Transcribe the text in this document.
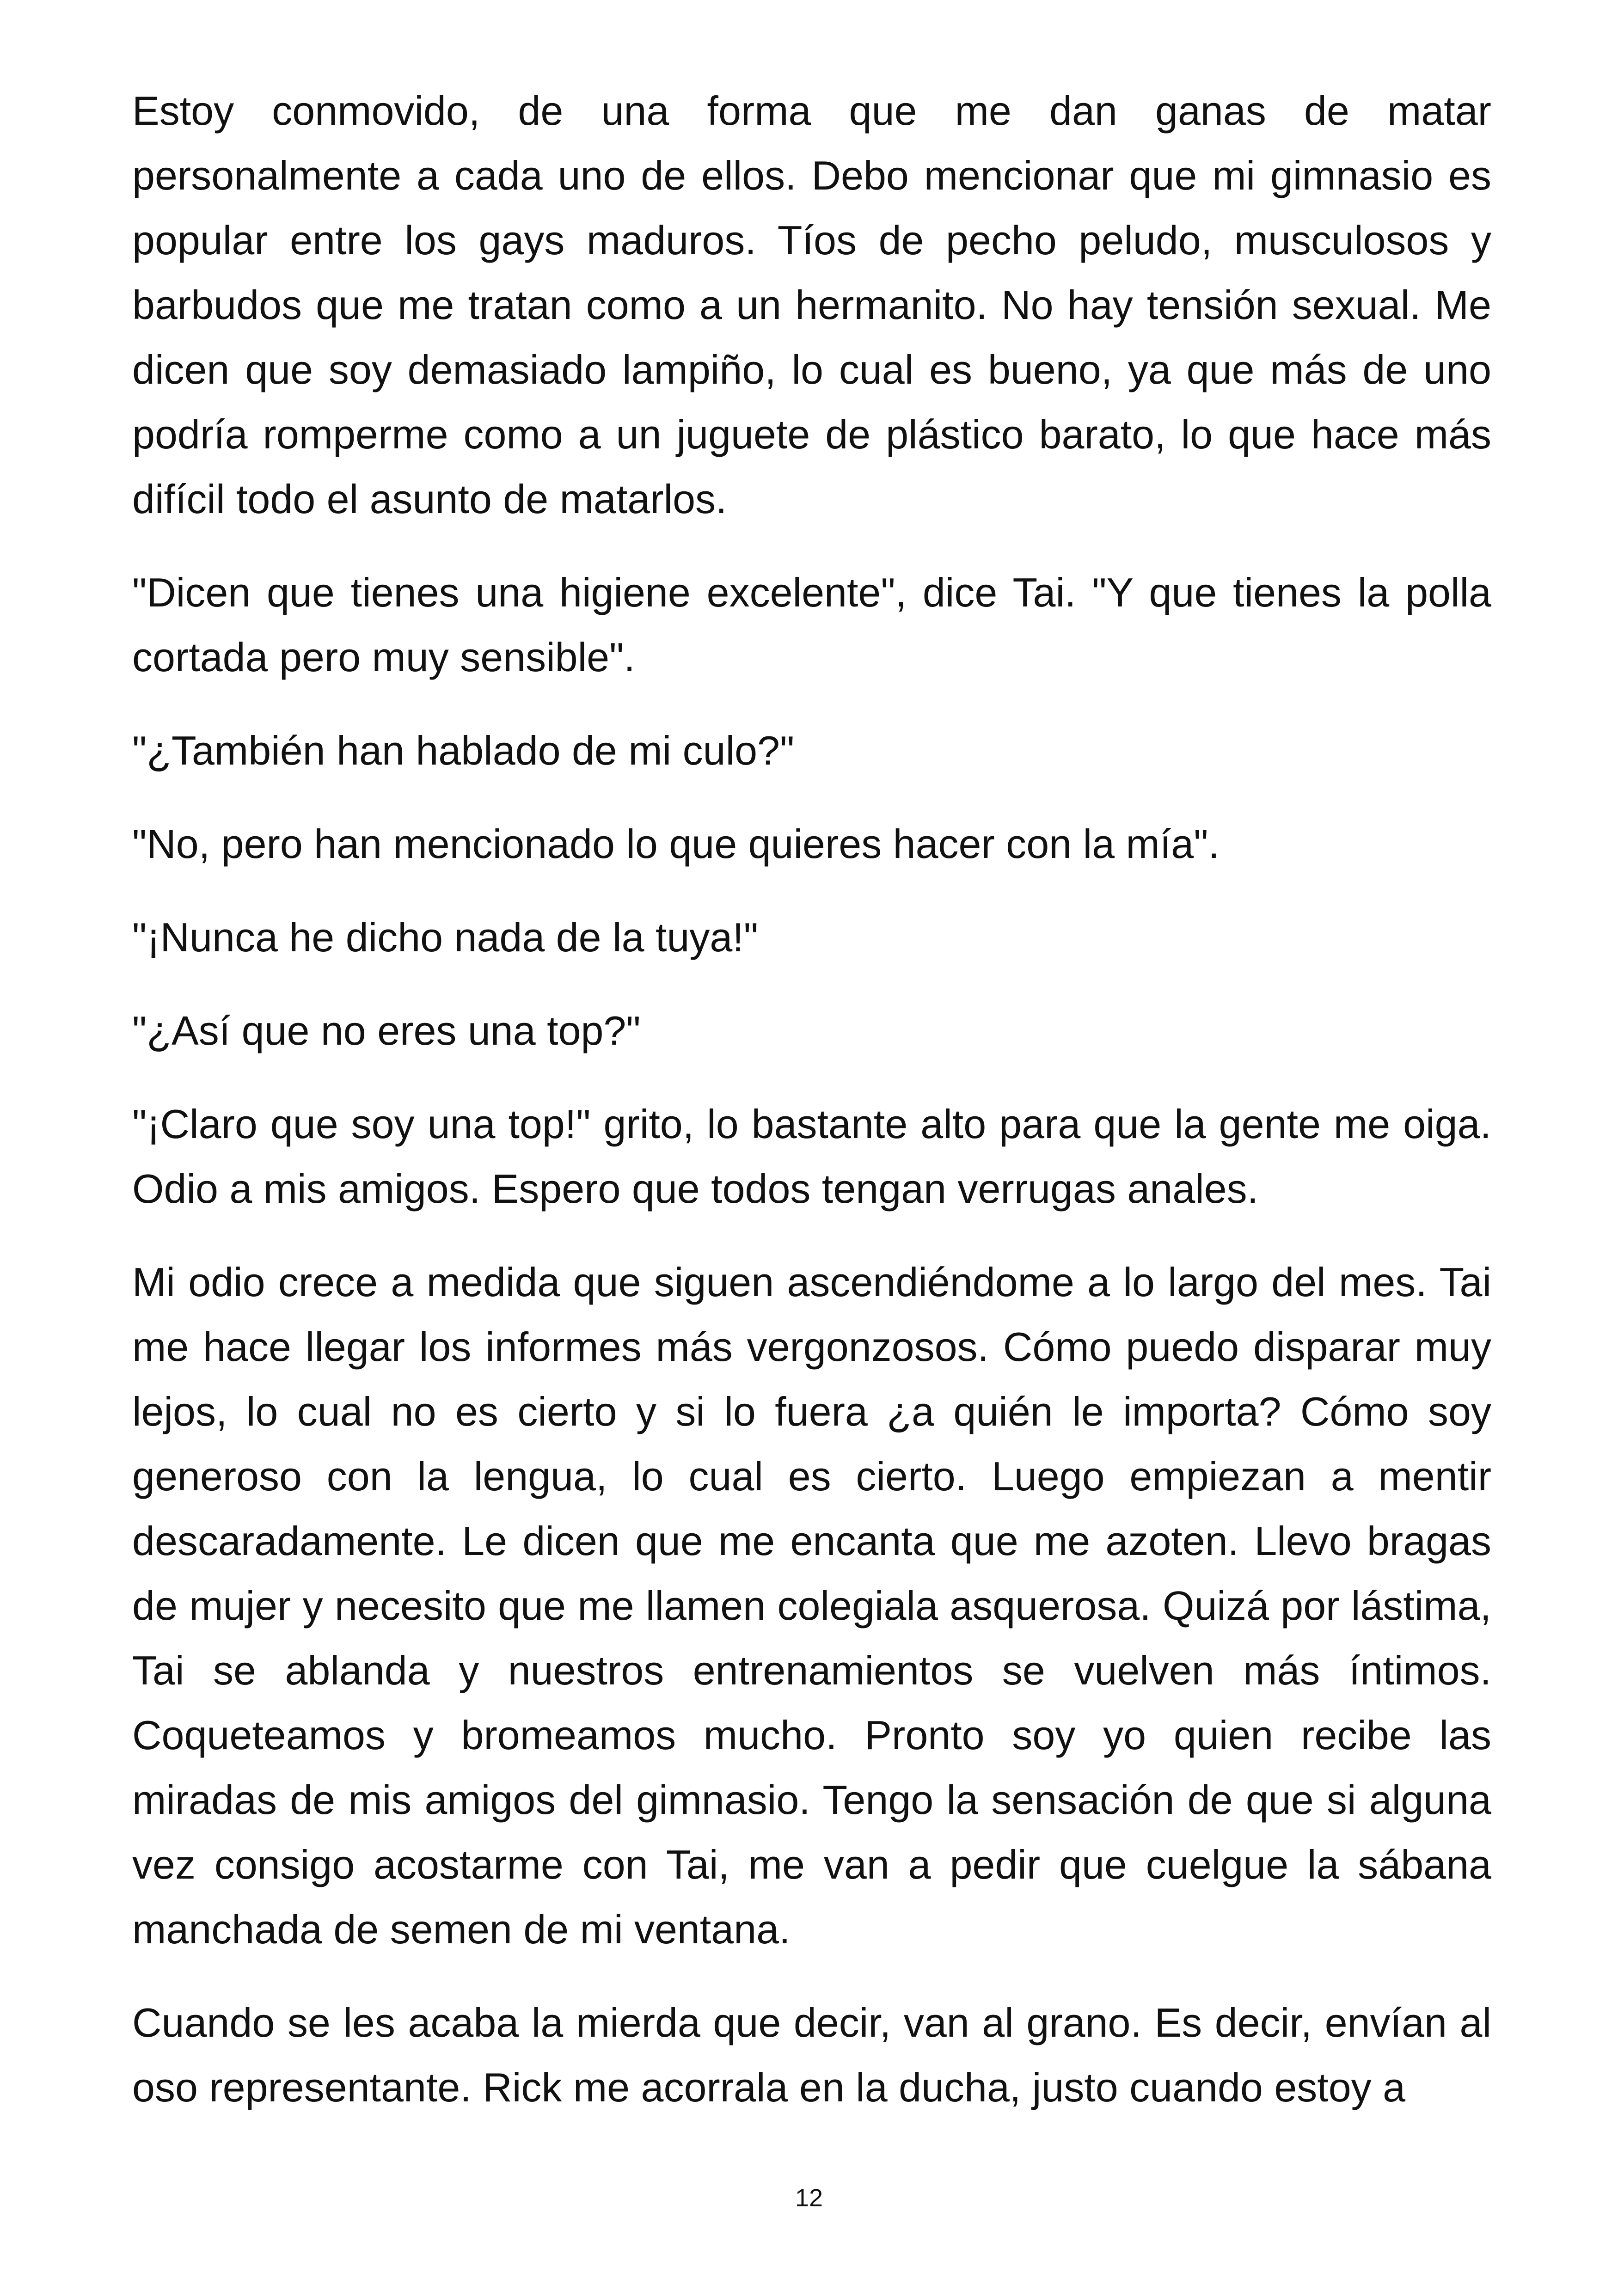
Estoy conmovido, de una forma que me dan ganas de matar personalmente a cada uno de ellos. Debo mencionar que mi gimnasio es popular entre los gays maduros. Tíos de pecho peludo, musculosos y barbudos que me tratan como a un hermanito. No hay tensión sexual. Me dicen que soy demasiado lampiño, lo cual es bueno, ya que más de uno podría romperme como a un juguete de plástico barato, lo que hace más difícil todo el asunto de matarlos.

"Dicen que tienes una higiene excelente", dice Tai. "Y que tienes la polla cortada pero muy sensible".

"¿También han hablado de mi culo?"

"No, pero han mencionado lo que quieres hacer con la mía".

"¡Nunca he dicho nada de la tuya!"

"¿Así que no eres una top?"

"¡Claro que soy una top!" grito, lo bastante alto para que la gente me oiga. Odio a mis amigos. Espero que todos tengan verrugas anales.

Mi odio crece a medida que siguen ascendiéndome a lo largo del mes. Tai me hace llegar los informes más vergonzosos. Cómo puedo disparar muy lejos, lo cual no es cierto y si lo fuera ¿a quién le importa? Cómo soy generoso con la lengua, lo cual es cierto. Luego empiezan a mentir descaradamente. Le dicen que me encanta que me azoten. Llevo bragas de mujer y necesito que me llamen colegiala asquerosa. Quizá por lástima, Tai se ablanda y nuestros entrenamientos se vuelven más íntimos. Coqueteamos y bromeamos mucho. Pronto soy yo quien recibe las miradas de mis amigos del gimnasio. Tengo la sensación de que si alguna vez consigo acostarme con Tai, me van a pedir que cuelgue la sábana manchada de semen de mi ventana.

Cuando se les acaba la mierda que decir, van al grano. Es decir, envían al oso representante. Rick me acorrala en la ducha, justo cuando estoy a

12
